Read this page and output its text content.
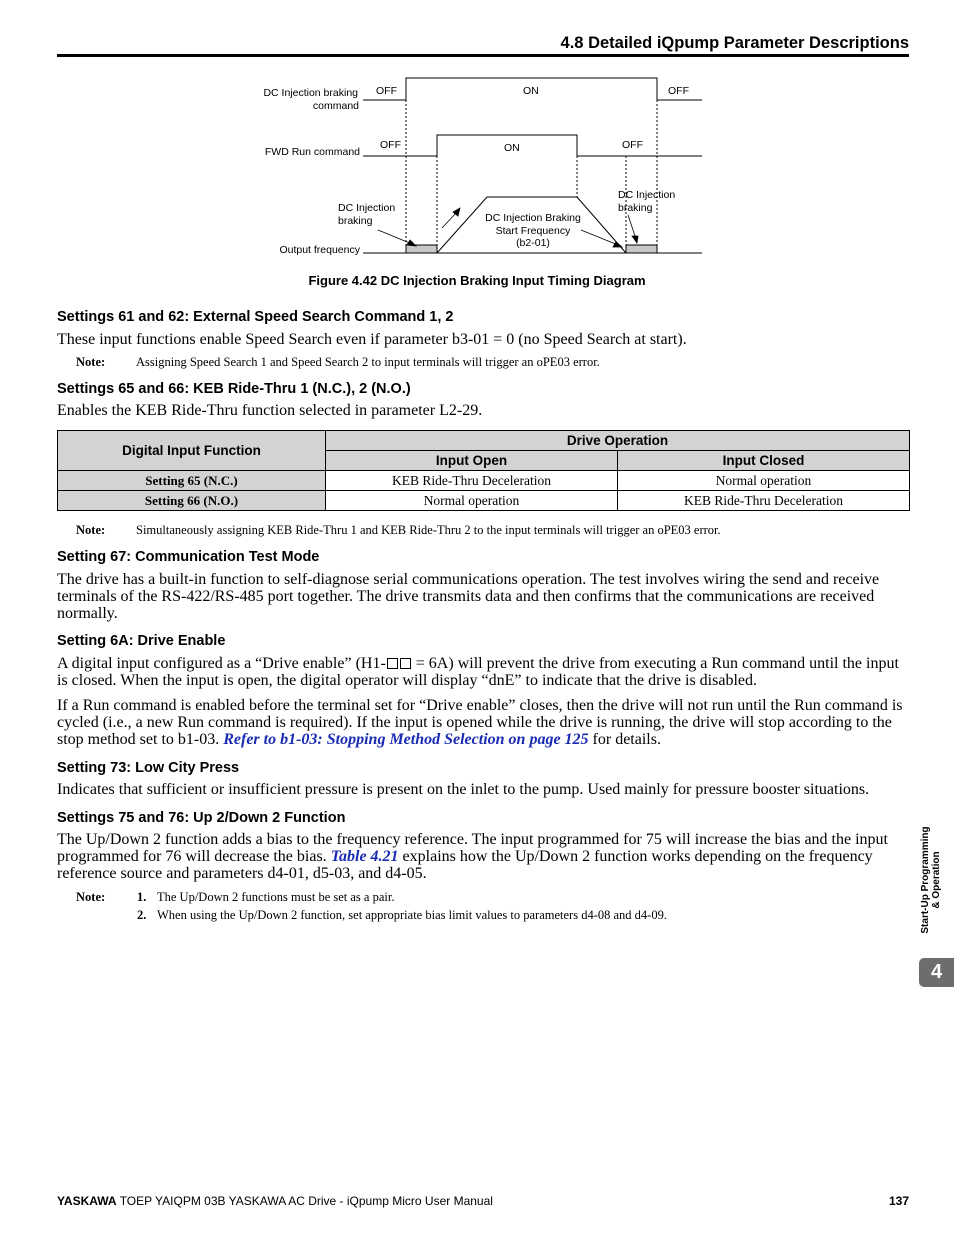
4.8 Detailed iQpump Parameter Descriptions
DC Injection braking
command
OFF	ON	OFF
FWD Run command
OFF	ON	OFF
DC Injection
braking
DC Injection
braking
DC Injection Braking
Start Frequency
(b2-01)
Output frequency
Figure 4.42 DC Injection Braking Input Timing Diagram
Settings 61 and 62: External Speed Search Command 1, 2
These input functions enable Speed Search even if parameter b3-01 = 0 (no Speed Search at start).
Note: Assigning Speed Search 1 and Speed Search 2 to input terminals will trigger an oPE03 error.
Settings 65 and 66: KEB Ride-Thru 1 (N.C.), 2 (N.O.)
Enables the KEB Ride-Thru function selected in parameter L2-29.
Digital Input Function	Drive Operation	
	Input Open	Input Closed
Setting 65 (N.C.)	KEB Ride-Thru Deceleration	Normal operation
Setting 66 (N.O.)	Normal operation	KEB Ride-Thru Deceleration
Note: Simultaneously assigning KEB Ride-Thru 1 and KEB Ride-Thru 2 to the input terminals will trigger an oPE03 error.
Setting 67: Communication Test Mode
The drive has a built-in function to self-diagnose serial communications operation. The test involves wiring the send and receive terminals of the RS-422/RS-485 port together. The drive transmits data and then confirms that the communications are received normally.
Setting 6A: Drive Enable
A digital input configured as a “Drive enable” (H1- = 6A) will prevent the drive from executing a Run command until the input is closed. When the input is open, the digital operator will display “dnE” to indicate that the drive is disabled.
If a Run command is enabled before the terminal set for “Drive enable” closes, then the drive will not run until the Run command is cycled (i.e., a new Run command is required). If the input is opened while the drive is running, the drive will stop according to the stop method set to b1-03. Refer to b1-03: Stopping Method Selection on page 125 for details.
Setting 73: Low City Press
Indicates that sufficient or insufficient pressure is present on the inlet to the pump. Used mainly for pressure booster situations.
Settings 75 and 76: Up 2/Down 2 Function
The Up/Down 2 function adds a bias to the frequency reference. The input programmed for 75 will increase the bias and the input programmed for 76 will decrease the bias. Table 4.21 explains how the Up/Down 2 function works depending on the frequency reference source and parameters d4-01, d5-03, and d4-05.
Note:	1. The Up/Down 2 functions must be set as a pair.
2. When using the Up/Down 2 function, set appropriate bias limit values to parameters d4-08 and d4-09.	Start-Up Programming
& Operation
4
YASKAWA TOEP YAIQPM 03B YASKAWA AC Drive - iQpump Micro User Manual	137
